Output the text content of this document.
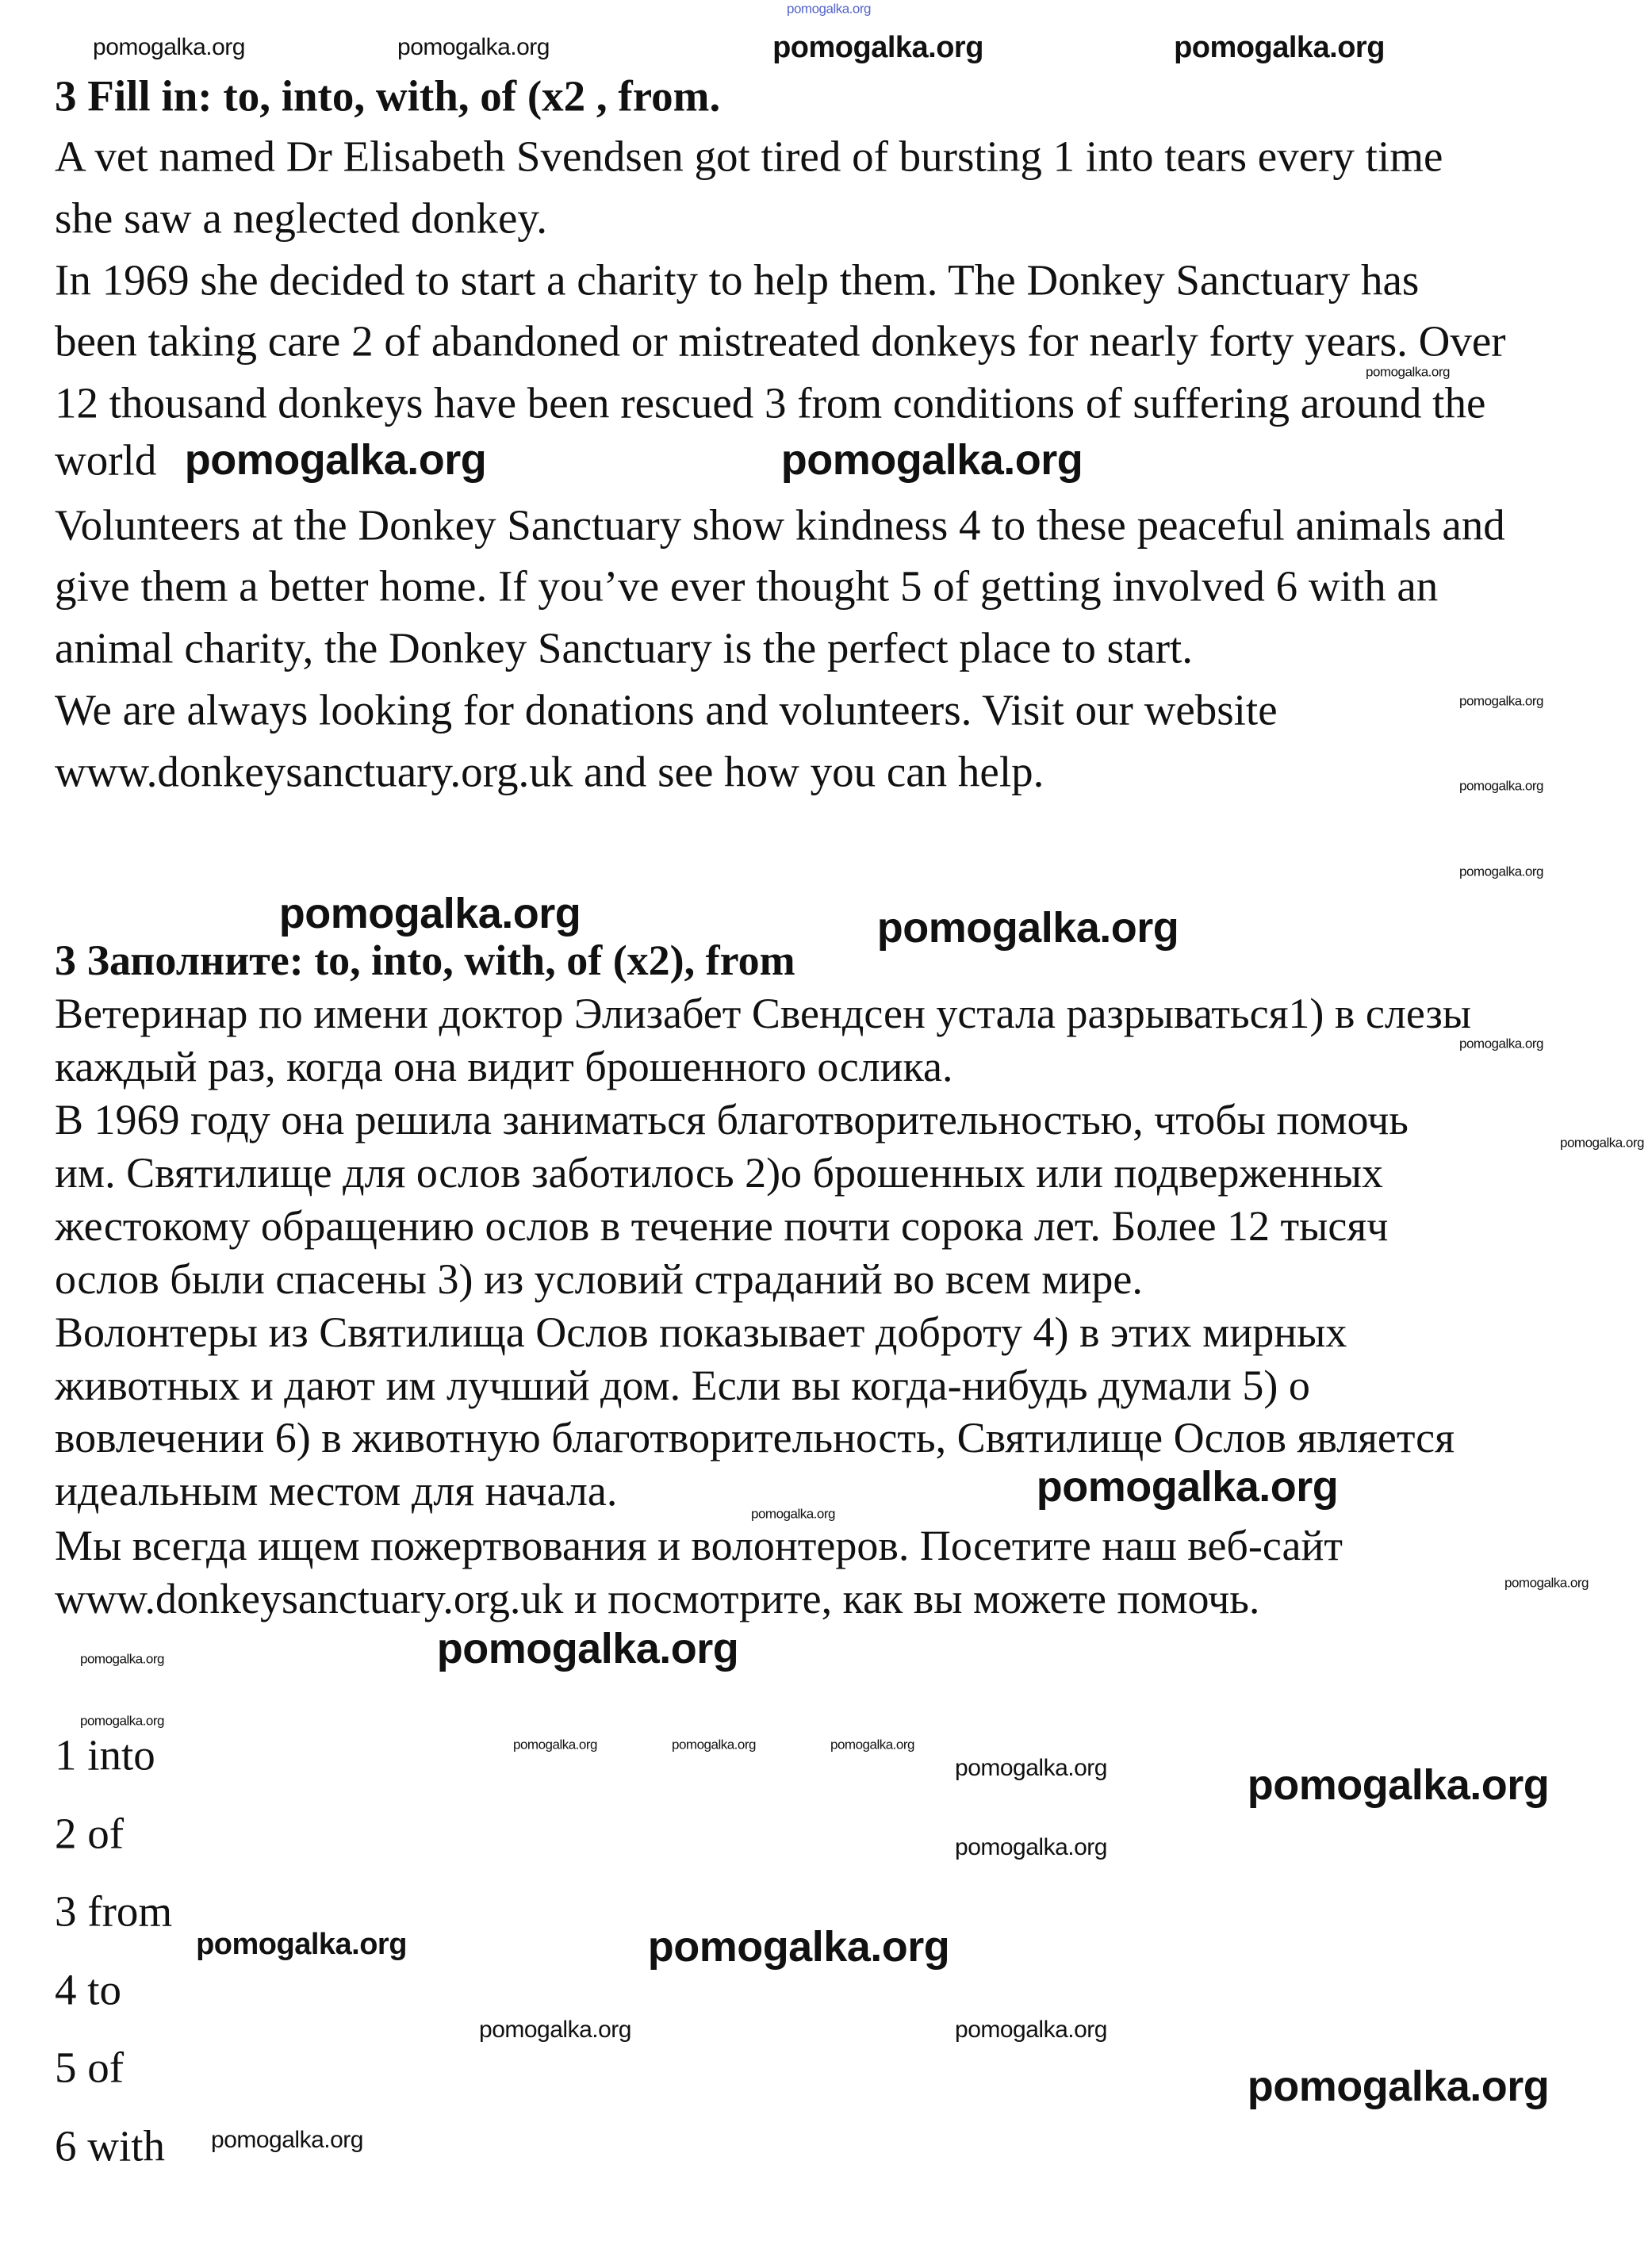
3 Fill in: to, into, with, of (x2 , from.
A vet named Dr Elisabeth Svendsen got tired of bursting 1 into tears every time
she saw a neglected donkey.
In 1969 she decided to start a charity to help them. The Donkey Sanctuary has
been taking care 2 of abandoned or mistreated donkeys for nearly forty years. Over
12 thousand donkeys have been rescued 3 from conditions of suffering around the
world
Volunteers at the Donkey Sanctuary show kindness 4 to these peaceful animals and
give them a better home. If you’ve ever thought 5 of getting involved 6 with an
animal charity, the Donkey Sanctuary is the perfect place to start.
We are always looking for donations and volunteers. Visit our website
www.donkeysanctuary.org.uk and see how you can help.
3 Заполните: to, into, with, of (x2), from
Ветеринар по имени доктор Элизабет Свендсен устала разрываться1) в слезы
каждый раз, когда она видит брошенного ослика.
В 1969 году она решила заниматься благотворительностью, чтобы помочь
им. Святилище для ослов заботилось 2)о брошенных или подверженных
жестокому обращению ослов в течение почти сорока лет. Более 12 тысяч
ослов были спасены 3) из условий страданий во всем мире.
Волонтеры из Святилища Ослов показывает доброту 4) в этих мирных
животных и дают им лучший дом. Если вы когда-нибудь думали 5) о
вовлечении 6) в животную благотворительность, Святилище Ослов является
идеальным местом для начала.
Мы всегда ищем пожертвования и волонтеров. Посетите наш веб-сайт
www.donkeysanctuary.org.uk и посмотрите, как вы можете помочь.
1 into
2 of
3 from
4 to
5 of
6 with
pomogalka.org
pomogalka.org	pomogalka.org	pomogalka.org	pomogalka.org
pomogalka.org
pomogalka.org	pomogalka.org
pomogalka.org
pomogalka.org
pomogalka.org
pomogalka.org
pomogalka.org
pomogalka.org	pomogalka.org
pomogalka.org
pomogalka.org
pomogalka.org	pomogalka.org
pomogalka.org
pomogalka.org
pomogalka.org	pomogalka.org	pomogalka.org
pomogalka.org
pomogalka.org
pomogalka.org	pomogalka.org
pomogalka.org
pomogalka.org	pomogalka.org
pomogalka.org
pomogalka.org
